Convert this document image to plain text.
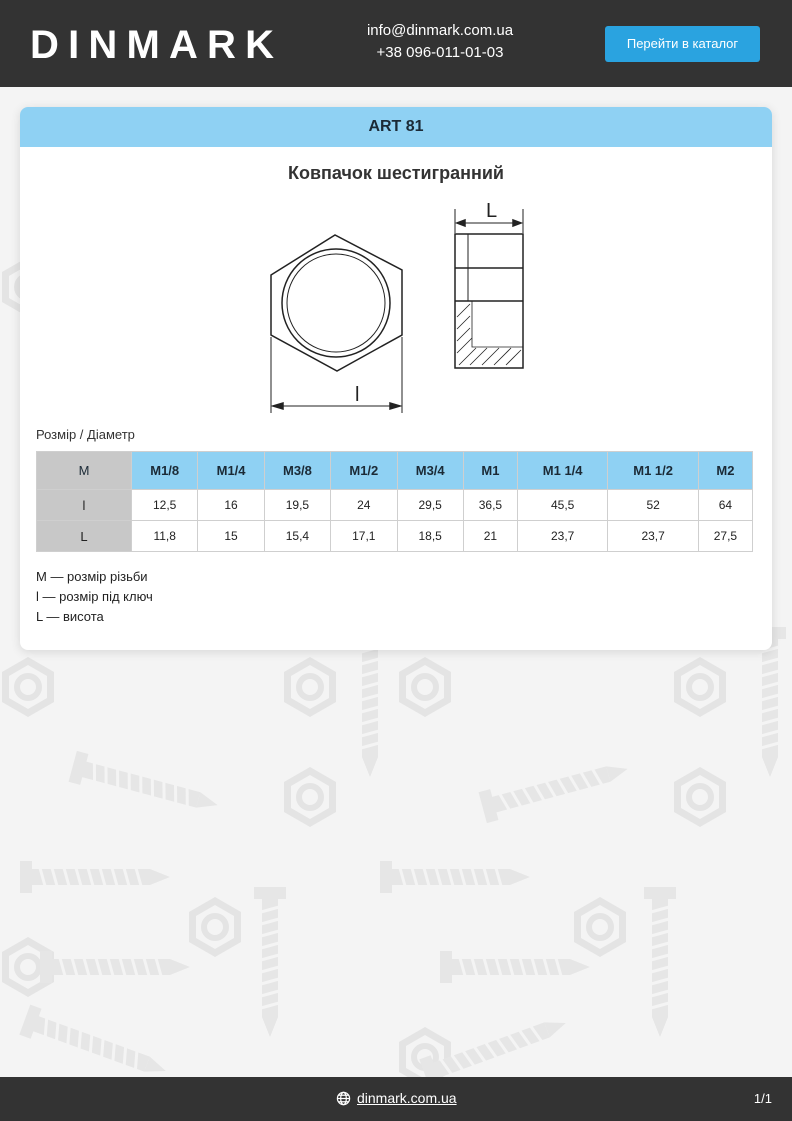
DINMARK	info@dinmark.com.ua
+38 096-011-01-03
Перейти в каталог
ART 81
Ковпачок шестигранний
L
l
Розмір / Діаметр
M	M1/8	M1/4	M3/8	M1/2	M3/4	M1	M1 1/4	M1 1/2	M2
l	12,5	16	19,5	24	29,5	36,5	45,5	52	64
L	11,8	15	15,4	17,1	18,5	21	23,7	23,7	27,5
M — розмір різьби
l — розмір під ключ
L — висота
dinmark.com.ua	1/1
